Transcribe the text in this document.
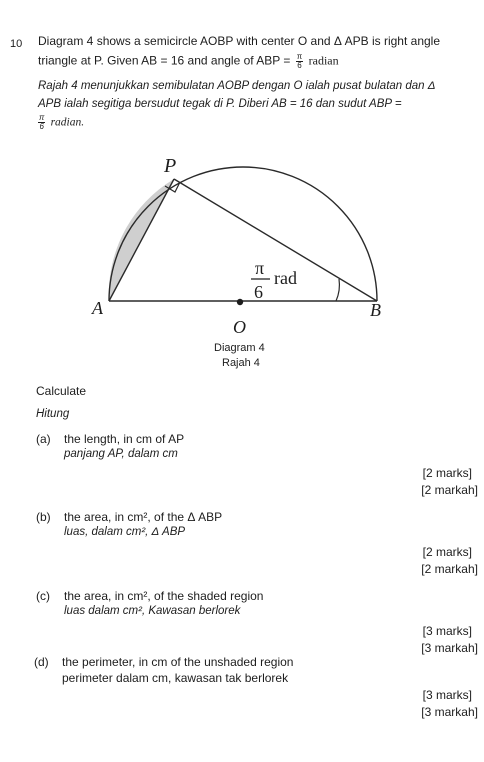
10 Diagram 4 shows a semicircle AOBP with center O and Δ APB is right angle
triangle at P. Given AB = 16 and angle of ABP = $\frac{\pi}{6}$ radian
Rajah 4 menunjukkan semibulatan AOBP dengan O ialah pusat bulatan dan Δ
APB ialah segitiga bersudut tegak di P. Diberi AB = 16 dan sudut ABP =
$\frac{\pi}{6}$ radian.
P
A	B
O
π
6
rad
Diagram 4
Rajah 4
Calculate
Hitung
(a) the length, in cm of AP
panjang AP, dalam cm
[2 marks]
[2 markah]
(b) the area, in cm², of the Δ ABP
luas, dalam cm², Δ ABP
[2 marks]
[2 markah]
(c) the area, in cm², of the shaded region
luas dalam cm², Kawasan berlorek
[3 marks]
[3 markah]
(d) the perimeter, in cm of the unshaded region
perimeter dalam cm, kawasan tak berlorek
[3 marks]
[3 markah]
